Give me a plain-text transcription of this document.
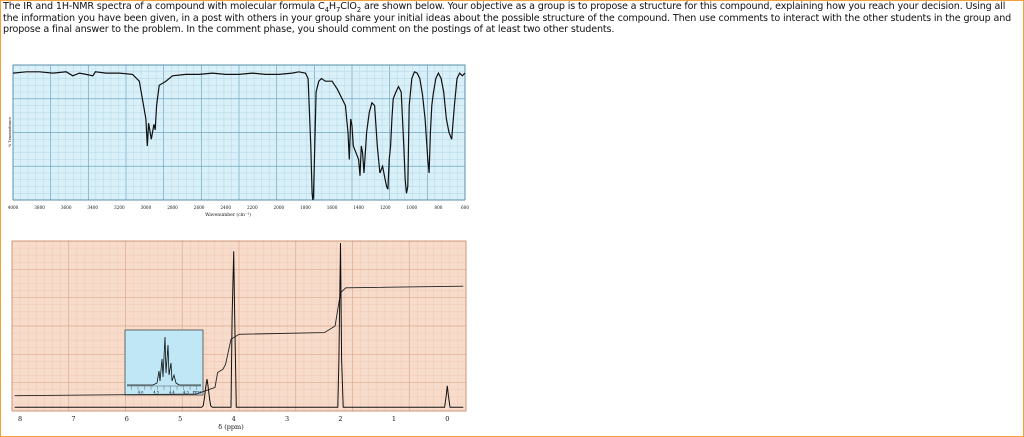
The IR and 1H-NMR spectra of a compound with molecular formula $C_4H_7ClO_2$ are shown below. Your objective as a group is to propose a structure for this compound, explaining how you reach your decision. Using all the information you have been given, in a post with others in your group share your initial ideas about the possible structure of the compound. Then use comments to interact with the other students in the group and propose a final answer to the problem. In the comment phase, you should comment on the postings of at least two other students.
4000	3800	3600	3400	3200	3000	2800	2600	2400	2200	2000	1800	1600	1400	1200	1000	800	600
Wavenumber (cm⁻¹)
% Transmittance
4.6	4.5	4.4 4.3 PPM
8	7	6	5	4	3	2	1	0
δ (ppm)
